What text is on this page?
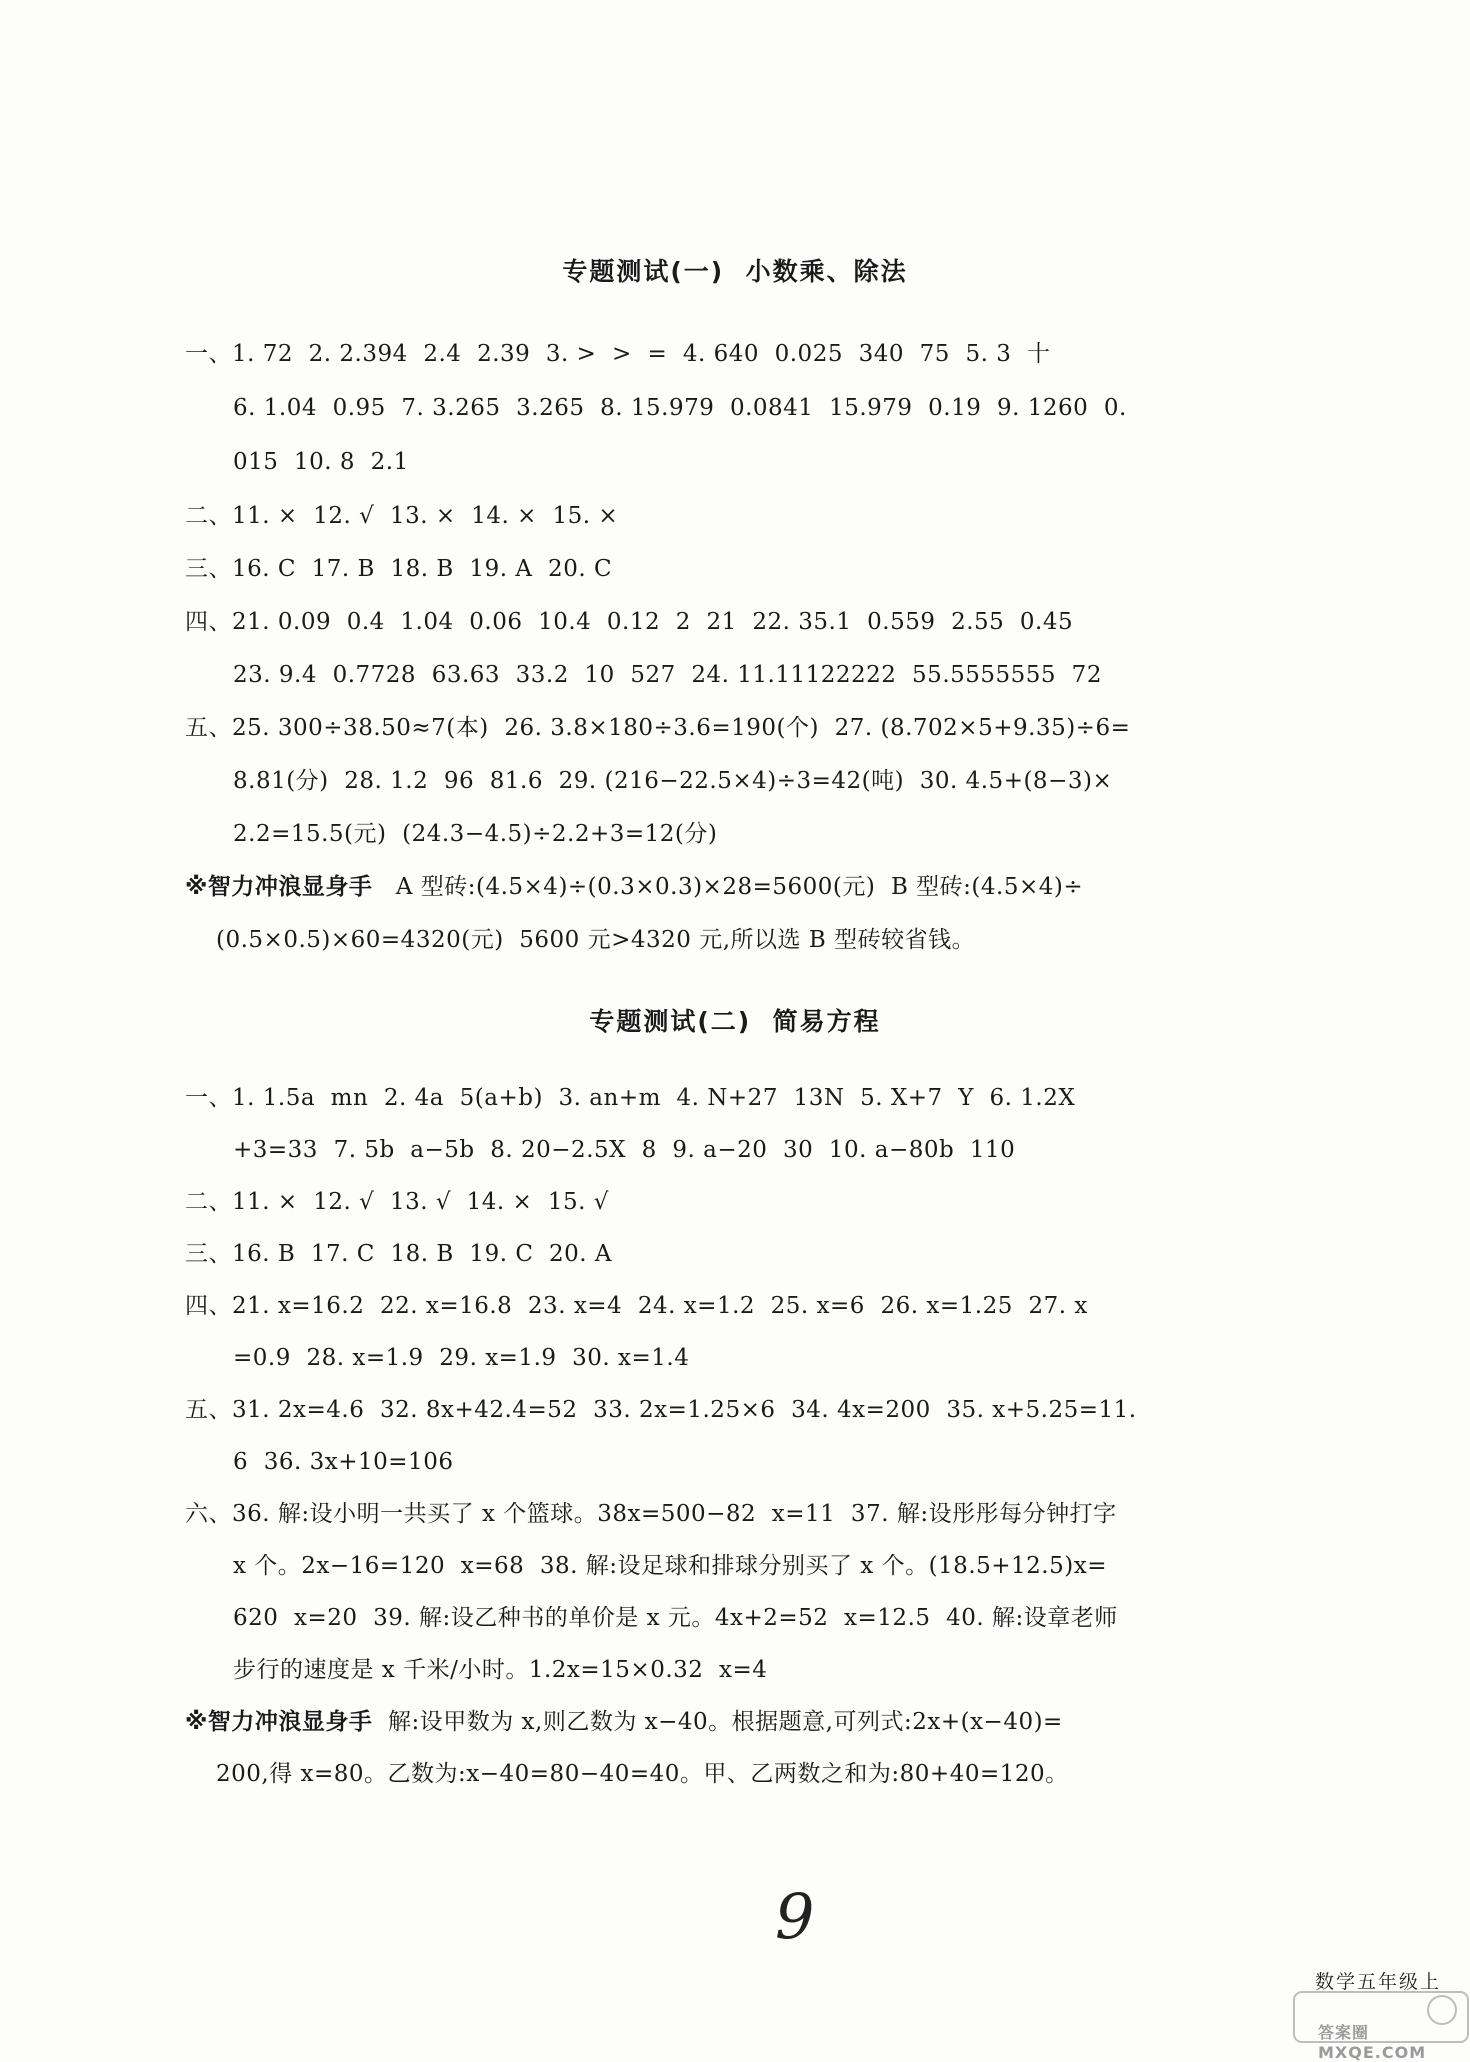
专题测试(一)  小数乘、除法
一、1. 72  2. 2.394  2.4  2.39  3. >  >  =  4. 640  0.025  340  75  5. 3  十
6. 1.04  0.95  7. 3.265  3.265  8. 15.979  0.0841  15.979  0.19  9. 1260  0.
015  10. 8  2.1
二、11. ×  12. √  13. ×  14. ×  15. ×
三、16. C  17. B  18. B  19. A  20. C
四、21. 0.09  0.4  1.04  0.06  10.4  0.12  2  21  22. 35.1  0.559  2.55  0.45
23. 9.4  0.7728  63.63  33.2  10  527  24. 11.11122222  55.5555555  72
五、25. 300÷38.50≈7(本)  26. 3.8×180÷3.6=190(个)  27. (8.702×5+9.35)÷6=
8.81(分)  28. 1.2  96  81.6  29. (216−22.5×4)÷3=42(吨)  30. 4.5+(8−3)×
2.2=15.5(元)  (24.3−4.5)÷2.2+3=12(分)
※智力冲浪显身手 A 型砖:(4.5×4)÷(0.3×0.3)×28=5600(元)  B 型砖:(4.5×4)÷
(0.5×0.5)×60=4320(元)  5600 元>4320 元,所以选 B 型砖较省钱。
专题测试(二)  简易方程
一、1. 1.5a  mn  2. 4a  5(a+b)  3. an+m  4. N+27  13N  5. X+7  Y  6. 1.2X
+3=33  7. 5b  a−5b  8. 20−2.5X  8  9. a−20  30  10. a−80b  110
二、11. ×  12. √  13. √  14. ×  15. √
三、16. B  17. C  18. B  19. C  20. A
四、21. x=16.2  22. x=16.8  23. x=4  24. x=1.2  25. x=6  26. x=1.25  27. x
=0.9  28. x=1.9  29. x=1.9  30. x=1.4
五、31. 2x=4.6  32. 8x+42.4=52  33. 2x=1.25×6  34. 4x=200  35. x+5.25=11.
6  36. 3x+10=106
六、36. 解:设小明一共买了 x 个篮球。38x=500−82  x=11  37. 解:设彤彤每分钟打字
x 个。2x−16=120  x=68  38. 解:设足球和排球分别买了 x 个。(18.5+12.5)x=
620  x=20  39. 解:设乙种书的单价是 x 元。4x+2=52  x=12.5  40. 解:设章老师
步行的速度是 x 千米/小时。1.2x=15×0.32  x=4
※智力冲浪显身手 解:设甲数为 x,则乙数为 x−40。根据题意,可列式:2x+(x−40)=
200,得 x=80。乙数为:x−40=80−40=40。甲、乙两数之和为:80+40=120。
9
数学五年级上
答案圈 MXQE.COM
